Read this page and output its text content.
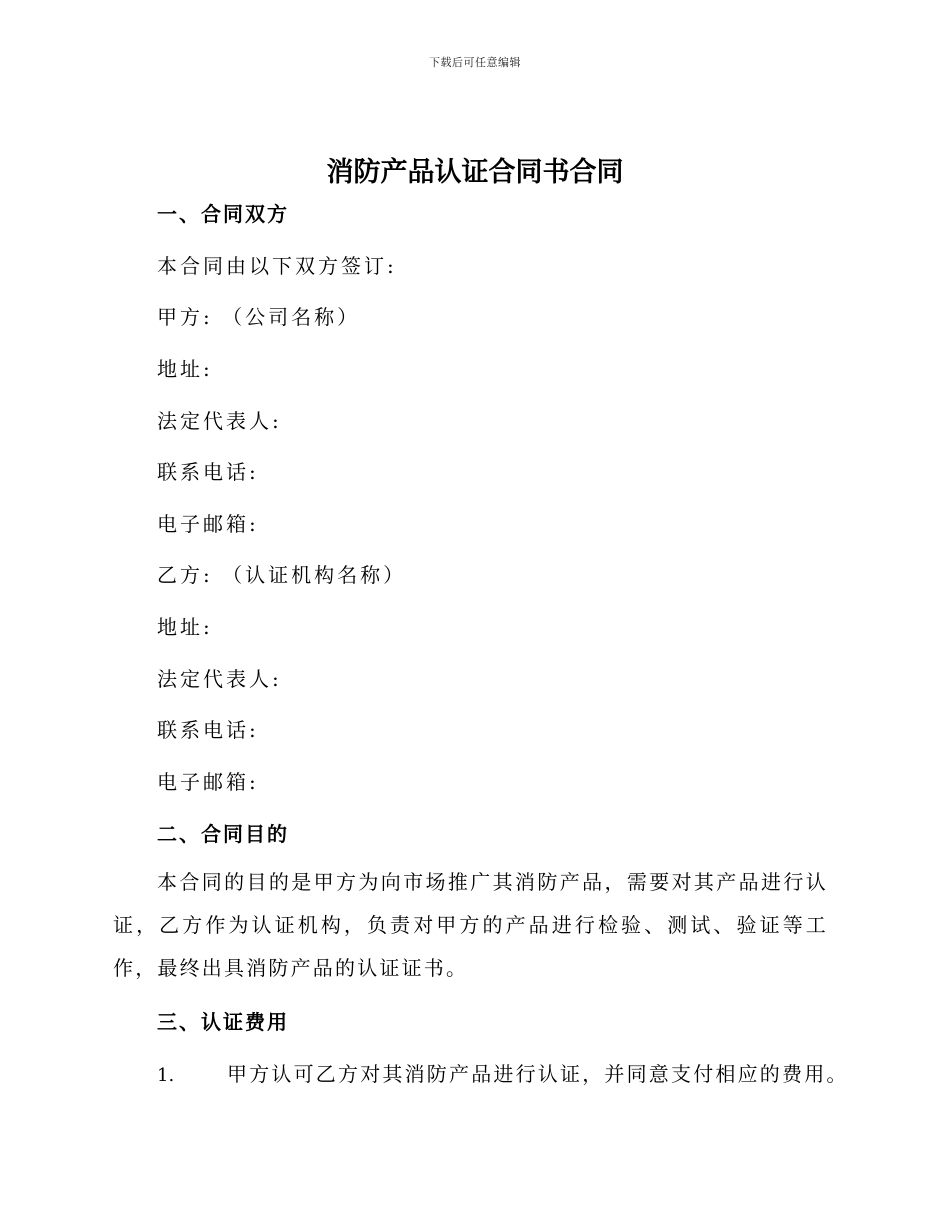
下载后可任意编辑
消防产品认证合同书合同
一、合同双方
本合同由以下双方签订:
甲方: （公司名称）
地址:
法定代表人:
联系电话:
电子邮箱:
乙方: （认证机构名称）
地址:
法定代表人:
联系电话:
电子邮箱:
二、合同目的

本合同的目的是甲方为向市场推广其消防产品，需要对其产品进行认证，乙方作为认证机构，负责对甲方的产品进行检验、测试、验证等工作，最终出具消防产品的认证证书。

三、认证费用
1.	甲方认可乙方对其消防产品进行认证，并同意支付相应的费用。
